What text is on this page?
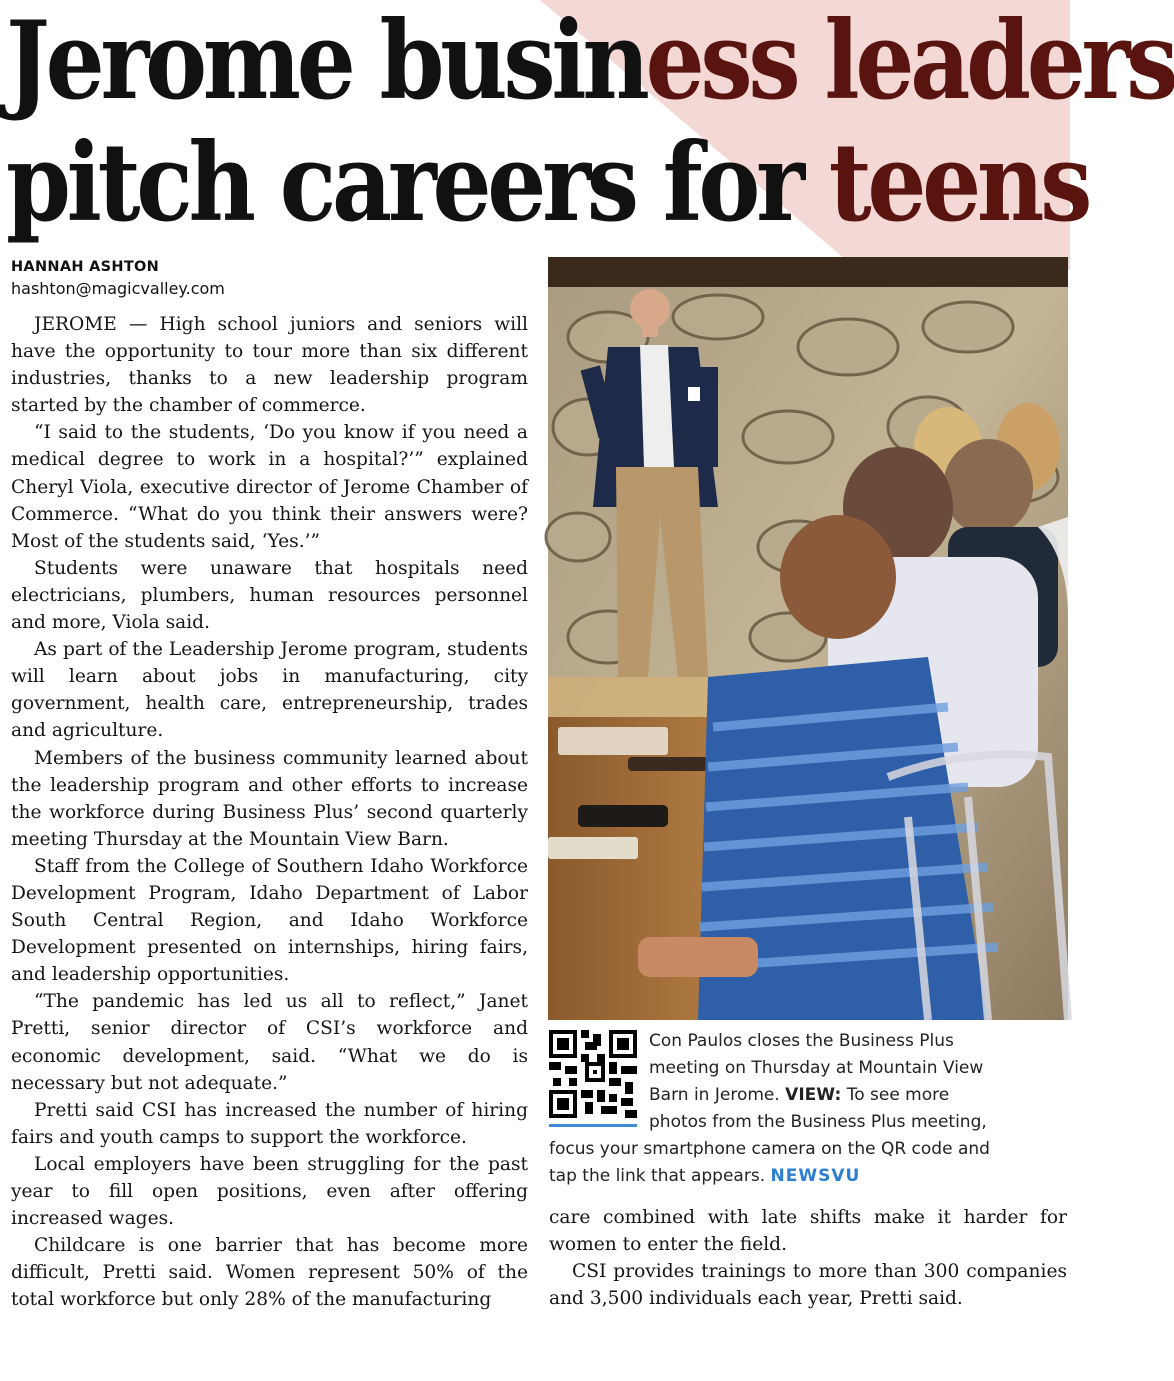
Jerome business leaders
pitch careers for teens
HANNAH ASHTON
hashton@magicvalley.com

JEROME — High school juniors and seniors will have the opportunity to tour more than six different industries, thanks to a new leadership program started by the chamber of commerce.

“I said to the students, ‘Do you know if you need a medical degree to work in a hospital?’” explained Cheryl Viola, executive director of Jerome Chamber of Commerce. “What do you think their answers were? Most of the students said, ‘Yes.’”

Students were unaware that hospitals need electricians, plumbers, human resources personnel and more, Viola said.

As part of the Leadership Jerome program, students will learn about jobs in manufacturing, city government, health care, entrepreneurship, trades and agriculture.

Members of the business community learned about the leadership program and other efforts to increase the workforce during Business Plus’ second quarterly meeting Thursday at the Mountain View Barn.

Staff from the College of Southern Idaho Workforce Development Program, Idaho Department of Labor South Central Region, and Idaho Workforce Development presented on internships, hiring fairs, and leadership opportunities.

“The pandemic has led us all to reflect,” Janet Pretti, senior director of CSI’s workforce and economic development, said. “What we do is necessary but not adequate.”

Pretti said CSI has increased the number of hiring fairs and youth camps to support the workforce.

Local employers have been struggling for the past year to fill open positions, even after offering increased wages.

Childcare is one barrier that has become more difficult, Pretti said. Women represent 50% of the total workforce but only 28% of the manufacturing

Con Paulos closes the Business Plus
meeting on Thursday at Mountain View
Barn in Jerome. VIEW: To see more
photos from the Business Plus meeting,
focus your smartphone camera on the QR code and
tap the link that appears. NEWSVU

care combined with late shifts make it harder for women to enter the field.

CSI provides trainings to more than 300 companies and 3,500 individuals each year, Pretti said.
